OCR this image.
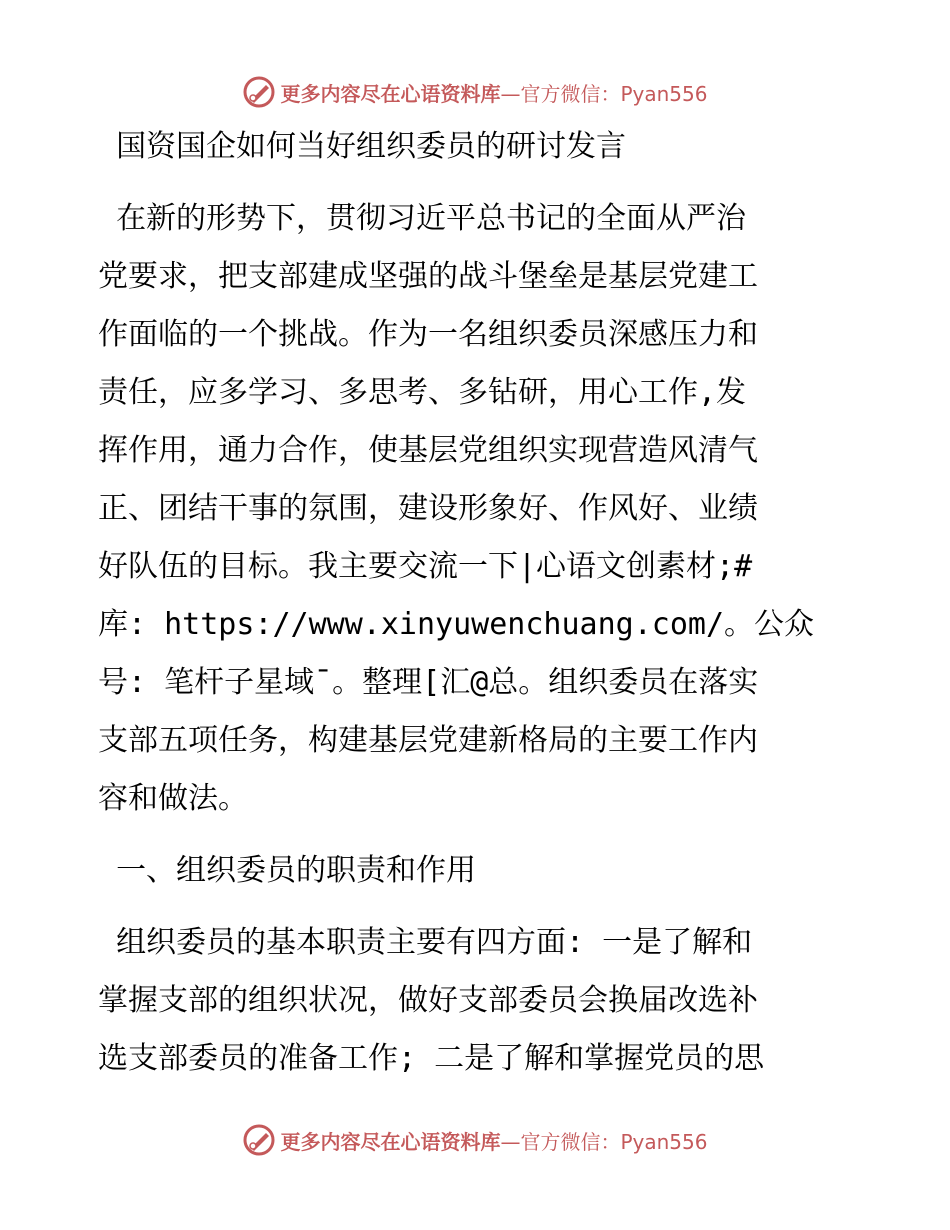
更多内容尽在心语资料库 —官方微信：Pyan556

国资国企如何当好组织委员的研讨发言

在新的形势下，贯彻习近平总书记的全面从严治

党要求，把支部建成坚强的战斗堡垒是基层党建工

作面临的一个挑战。作为一名组织委员深感压力和

责任，应多学习、多思考、多钻研，用心工作,发

挥作用，通力合作，使基层党组织实现营造风清气

正、团结干事的氛围，建设形象好、作风好、业绩

好队伍的目标。我主要交流一下|心语文创素材;#

库: https://www.xinyuwenchuang.com/。公众

号: 笔杆子星域¯。整理[汇@总。组织委员在落实

支部五项任务，构建基层党建新格局的主要工作内

容和做法。

一、组织委员的职责和作用

组织委员的基本职责主要有四方面: 一是了解和

掌握支部的组织状况，做好支部委员会换届改选补

选支部委员的准备工作; 二是了解和掌握党员的思

更多内容尽在心语资料库 —官方微信：Pyan556
